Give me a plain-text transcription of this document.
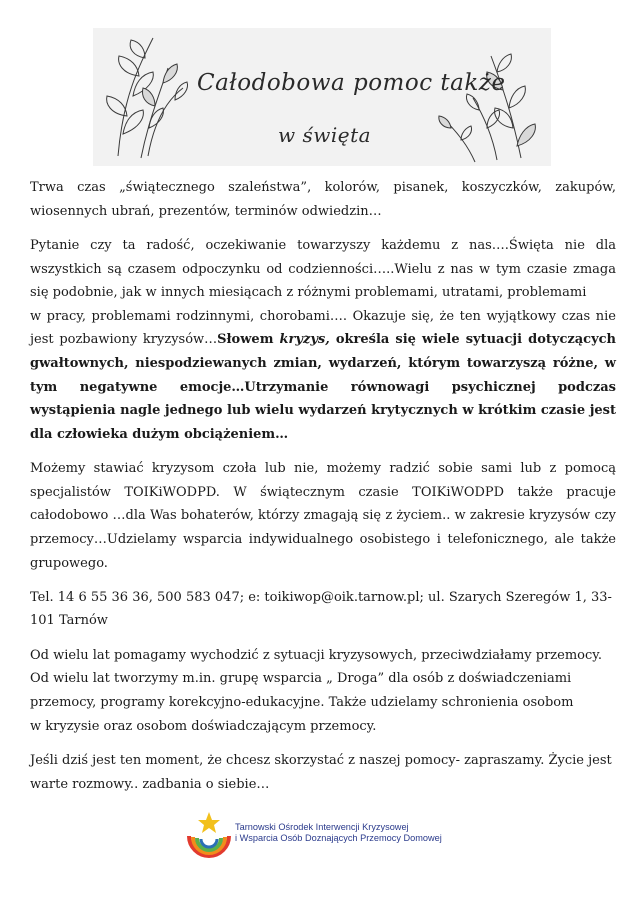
Całodobowa pomoc także
w święta

Trwa czas „świątecznego szaleństwa”, kolorów, pisanek, koszyczków, zakupów, wiosennych ubrań, prezentów, terminów odwiedzin…

Pytanie czy ta radość, oczekiwanie towarzyszy każdemu z nas….Święta nie dla wszystkich są czasem odpoczynku od codzienności…..Wielu z nas w tym czasie zmaga się podobnie, jak w innych miesiącach z różnymi problemami, utratami, problemami
w pracy, problemami rodzinnymi, chorobami…. Okazuje się, że ten wyjątkowy czas nie jest pozbawiony kryzysów…Słowem kryzys, określa się wiele sytuacji dotyczących gwałtownych, niespodziewanych zmian, wydarzeń, którym towarzyszą różne, w tym negatywne emocje…Utrzymanie równowagi psychicznej podczas wystąpienia nagle jednego lub wielu wydarzeń krytycznych w krótkim czasie jest dla człowieka dużym obciążeniem…

Możemy stawiać kryzysom czoła lub nie, możemy radzić sobie sami lub z pomocą specjalistów TOIKiWODPD. W świątecznym czasie TOIKiWODPD także pracuje całodobowo …dla Was bohaterów, którzy zmagają się z życiem.. w zakresie kryzysów czy przemocy…Udzielamy wsparcia indywidualnego osobistego i telefonicznego, ale także grupowego.

Tel. 14 6 55 36 36, 500 583 047; e: toikiwop@oik.tarnow.pl; ul. Szarych Szeregów 1, 33-101 Tarnów

Od wielu lat pomagamy wychodzić z sytuacji kryzysowych, przeciwdziałamy przemocy.
Od wielu lat tworzymy m.in. grupę wsparcia „ Droga” dla osób z doświadczeniami
przemocy, programy korekcyjno-edukacyjne. Także udzielamy schronienia osobom
w kryzysie oraz osobom doświadczającym przemocy.

Jeśli dziś jest ten moment, że chcesz skorzystać z naszej pomocy- zapraszamy. Życie jest warte rozmowy.. zadbania o siebie…

Tarnowski Ośrodek Interwencji Kryzysowej
i Wsparcia Osób Doznających Przemocy Domowej
